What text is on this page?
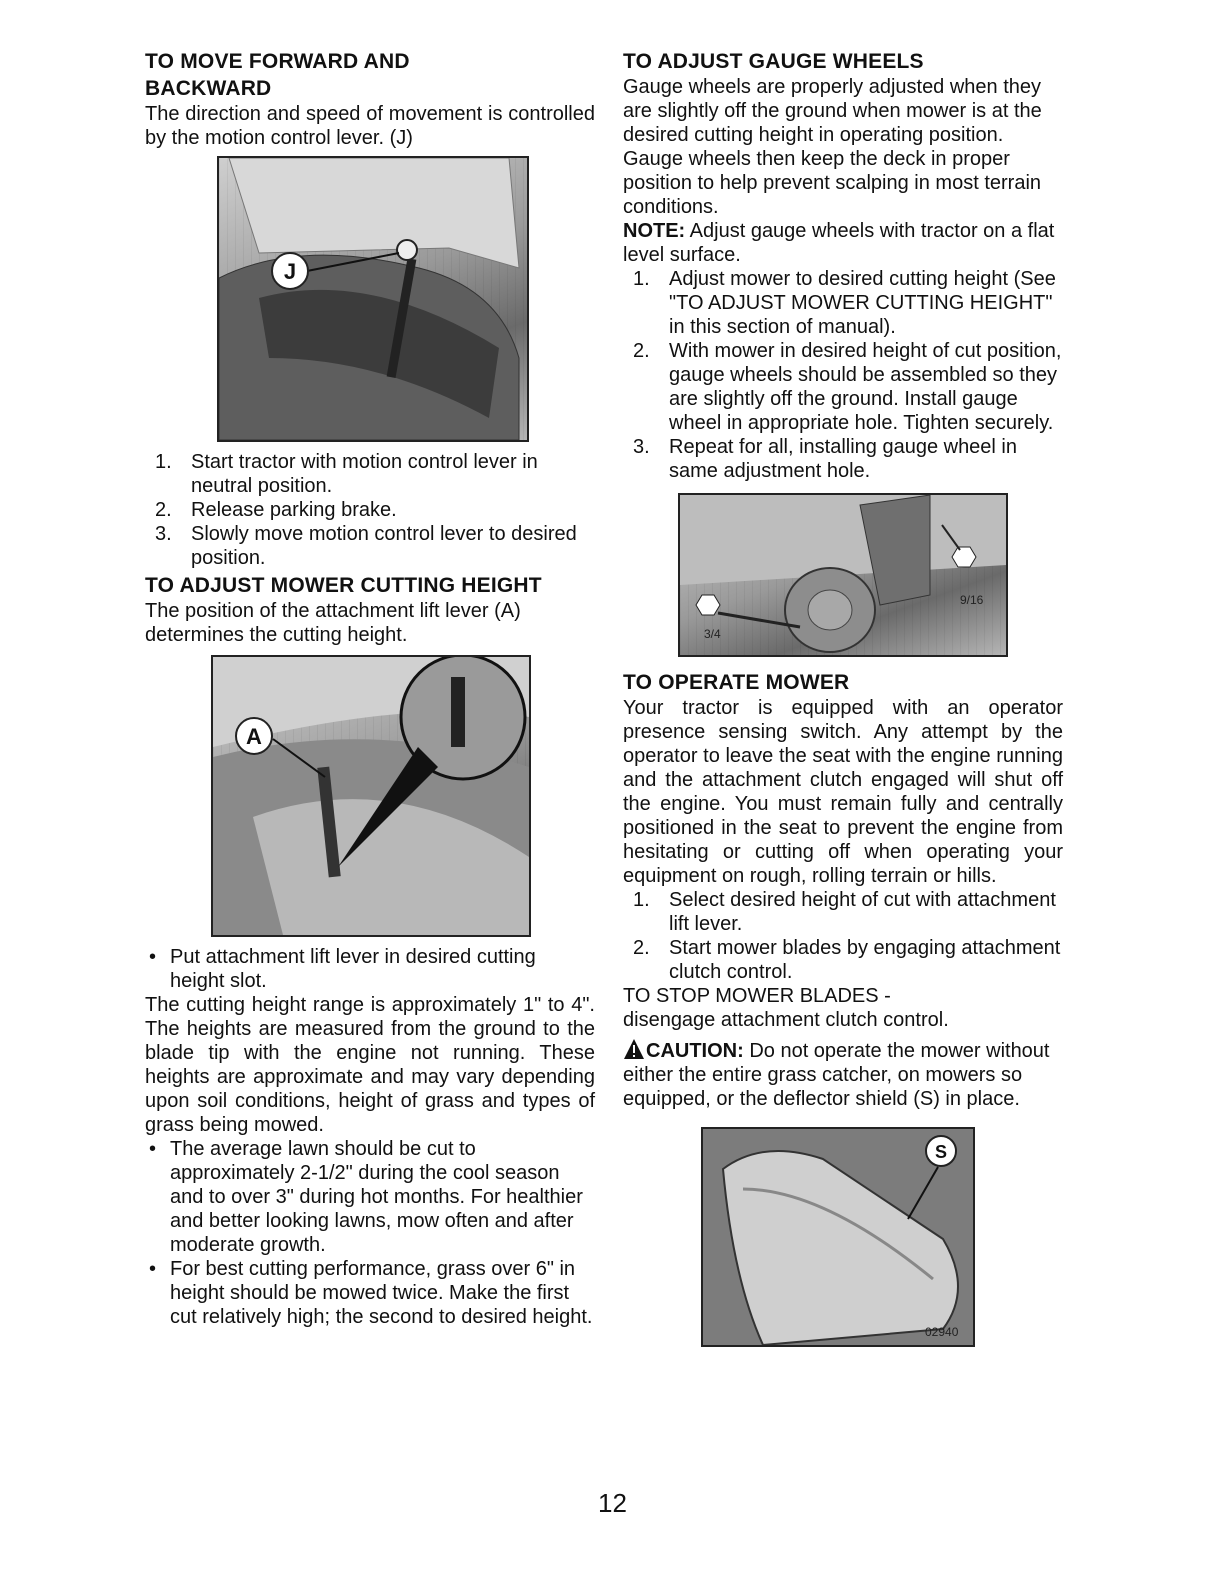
TO MOVE FORWARD AND
BACKWARD

The direction and speed of movement is controlled by the motion control lever. (J)

J
1. Start tractor with motion control lever in neutral position.
2. Release parking brake.
3. Slowly move motion control lever to desired position.
TO ADJUST MOWER CUTTING HEIGHT

The position of the attachment lift lever (A) determines the cutting height.

A
• Put attachment lift lever in desired cutting height slot.

The cutting height range is approximately 1" to 4". The heights are measured from the ground to the blade tip with the engine not running. These heights are approximate and may vary depending upon soil conditions, height of grass and types of grass being mowed.

• The average lawn should be cut to approximately 2-1/2" during the cool season and to over 3" during hot months. For healthier and better looking lawns, mow often and after moderate growth.
• For best cutting performance, grass over 6" in height should be mowed twice. Make the first cut relatively high; the second to desired height.
TO ADJUST GAUGE WHEELS

Gauge wheels are properly adjusted when they are slightly off the ground when mower is at the desired cutting height in operating position. Gauge wheels then keep the deck in proper position to help prevent scalping in most terrain conditions.

NOTE: Adjust gauge wheels with tractor on a flat level surface.

1. Adjust mower to desired cutting height (See "TO ADJUST MOWER CUTTING HEIGHT" in this section of manual).
2. With mower in desired height of cut position, gauge wheels should be assembled so they are slightly off the ground. Install gauge wheel in appropriate hole. Tighten securely.
3. Repeat for all, installing gauge wheel in same adjustment hole.
9/16
3/4
TO OPERATE MOWER

Your tractor is equipped with an operator presence sensing switch. Any attempt by the operator to leave the seat with the engine running and the attachment clutch engaged will shut off the engine. You must remain fully and centrally positioned in the seat to prevent the engine from hesitating or cutting off when operating your equipment on rough, rolling terrain or hills.

1. Select desired height of cut with attachment lift lever.
2. Start mower blades by engaging attachment clutch control.

TO STOP MOWER BLADES -

disengage attachment clutch control.

CAUTION: Do not operate the mower without either the entire grass catcher, on mowers so equipped, or the deflector shield (S) in place.

S
02940
12
